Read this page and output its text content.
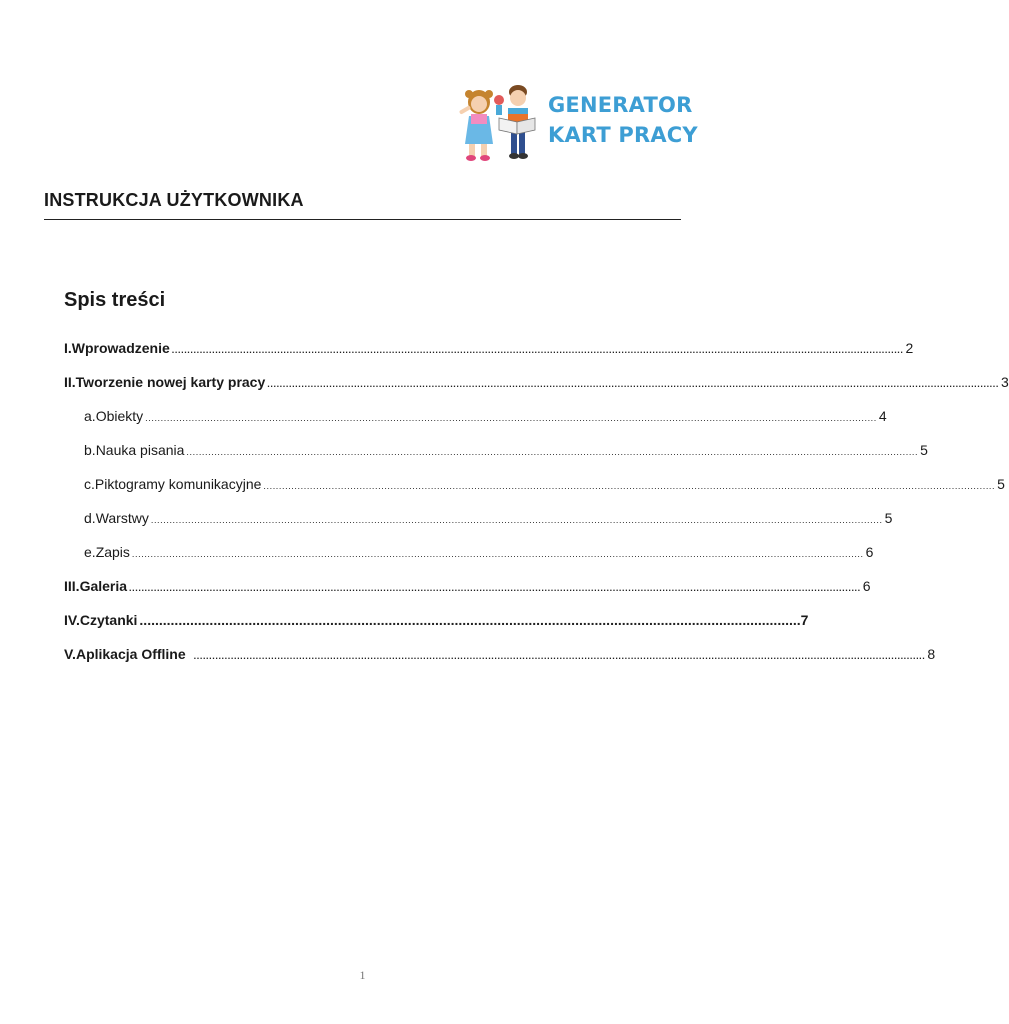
GENERATOR
KART PRACY
INSTRUKCJA UŻYTKOWNIKA
Spis treści
I. Wprowadzenie ............................................................................................................................................................................................................................................ 2
II. Tworzenie nowej karty pracy ............................................................................................................................................................................................................................................ 3
a. Obiekty ............................................................................................................................................................................................................................................ 4
b. Nauka pisania ............................................................................................................................................................................................................................................ 5
c. Piktogramy komunikacyjne ............................................................................................................................................................................................................................................ 5
d. Warstwy ............................................................................................................................................................................................................................................ 5
e. Zapis ............................................................................................................................................................................................................................................ 6
III. Galeria ............................................................................................................................................................................................................................................ 6
IV. Czytanki .......................................................................................................................................................................... 7
V. Aplikacja Offline ............................................................................................................................................................................................................................................ 8
1
